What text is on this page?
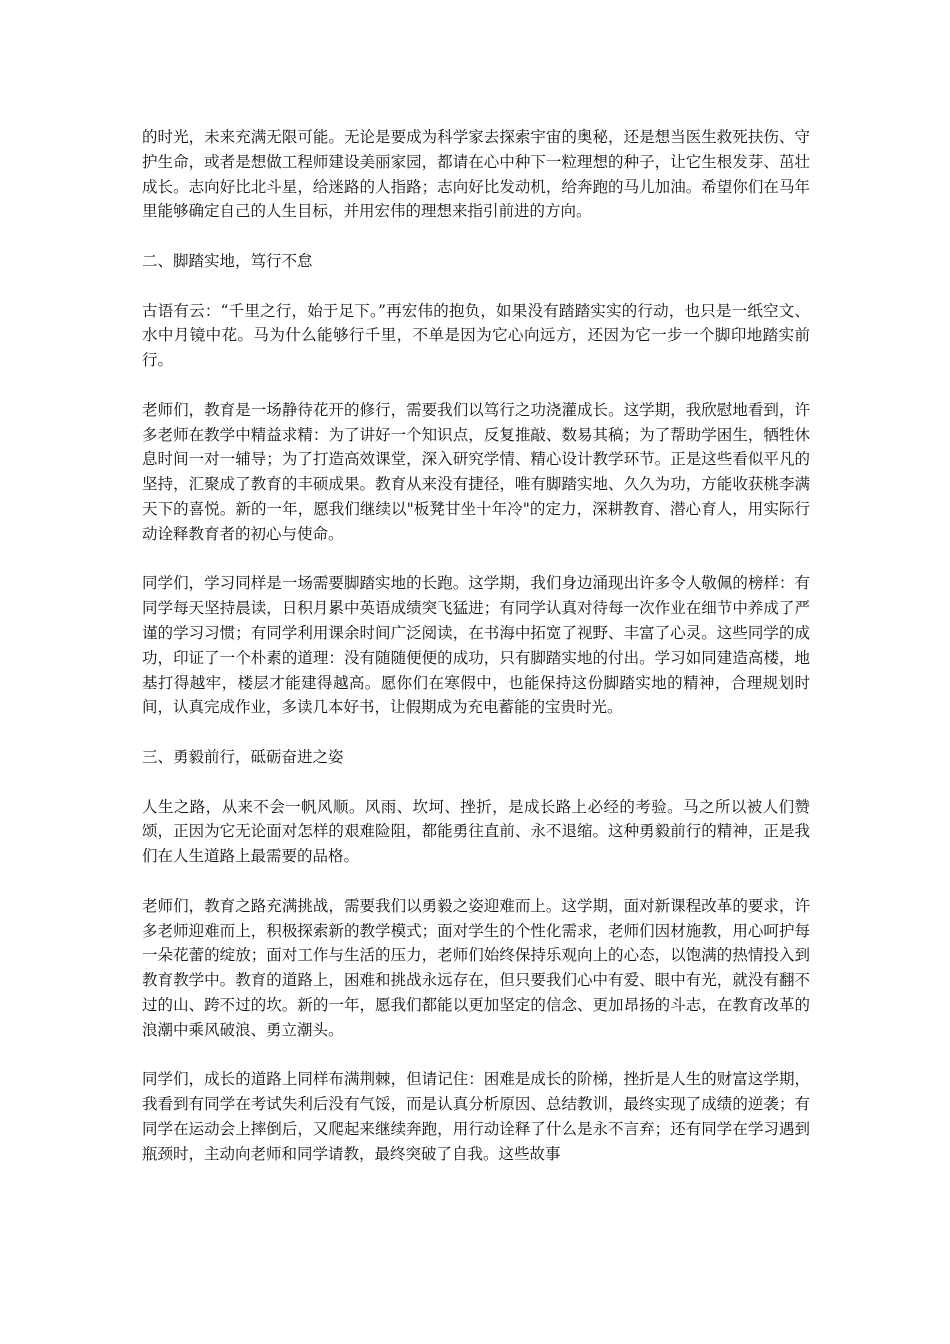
的时光，未来充满无限可能。无论是要成为科学家去探索宇宙的奥秘，还是想当医生救死扶伤、守护生命，或者是想做工程师建设美丽家园，都请在心中种下一粒理想的种子，让它生根发芽、茁壮成长。志向好比北斗星，给迷路的人指路；志向好比发动机，给奔跑的马儿加油。希望你们在马年里能够确定自己的人生目标，并用宏伟的理想来指引前进的方向。

二、脚踏实地，笃行不怠

古语有云：“千里之行，始于足下。”再宏伟的抱负，如果没有踏踏实实的行动，也只是一纸空文、水中月镜中花。马为什么能够行千里，不单是因为它心向远方，还因为它一步一个脚印地踏实前行。

老师们，教育是一场静待花开的修行，需要我们以笃行之功浇灌成长。这学期，我欣慰地看到，许多老师在教学中精益求精：为了讲好一个知识点，反复推敲、数易其稿；为了帮助学困生，牺牲休息时间一对一辅导；为了打造高效课堂，深入研究学情、精心设计教学环节。正是这些看似平凡的坚持，汇聚成了教育的丰硕成果。教育从来没有捷径，唯有脚踏实地、久久为功，方能收获桃李满天下的喜悦。新的一年，愿我们继续以"板凳甘坐十年冷"的定力，深耕教育、潜心育人，用实际行动诠释教育者的初心与使命。

同学们，学习同样是一场需要脚踏实地的长跑。这学期，我们身边涌现出许多令人敬佩的榜样：有同学每天坚持晨读，日积月累中英语成绩突飞猛进；有同学认真对待每一次作业在细节中养成了严谨的学习习惯；有同学利用课余时间广泛阅读，在书海中拓宽了视野、丰富了心灵。这些同学的成功，印证了一个朴素的道理：没有随随便便的成功，只有脚踏实地的付出。学习如同建造高楼，地基打得越牢，楼层才能建得越高。愿你们在寒假中，也能保持这份脚踏实地的精神，合理规划时间，认真完成作业，多读几本好书，让假期成为充电蓄能的宝贵时光。

三、勇毅前行，砥砺奋进之姿

人生之路，从来不会一帆风顺。风雨、坎坷、挫折，是成长路上必经的考验。马之所以被人们赞颂，正因为它无论面对怎样的艰难险阻，都能勇往直前、永不退缩。这种勇毅前行的精神，正是我们在人生道路上最需要的品格。

老师们，教育之路充满挑战，需要我们以勇毅之姿迎难而上。这学期，面对新课程改革的要求，许多老师迎难而上，积极探索新的教学模式；面对学生的个性化需求，老师们因材施教，用心呵护每一朵花蕾的绽放；面对工作与生活的压力，老师们始终保持乐观向上的心态，以饱满的热情投入到教育教学中。教育的道路上，困难和挑战永远存在，但只要我们心中有爱、眼中有光，就没有翻不过的山、跨不过的坎。新的一年，愿我们都能以更加坚定的信念、更加昂扬的斗志，在教育改革的浪潮中乘风破浪、勇立潮头。

同学们，成长的道路上同样布满荆棘，但请记住：困难是成长的阶梯，挫折是人生的财富这学期，我看到有同学在考试失利后没有气馁，而是认真分析原因、总结教训，最终实现了成绩的逆袭；有同学在运动会上摔倒后，又爬起来继续奔跑，用行动诠释了什么是永不言弃；还有同学在学习遇到瓶颈时，主动向老师和同学请教，最终突破了自我。这些故事
